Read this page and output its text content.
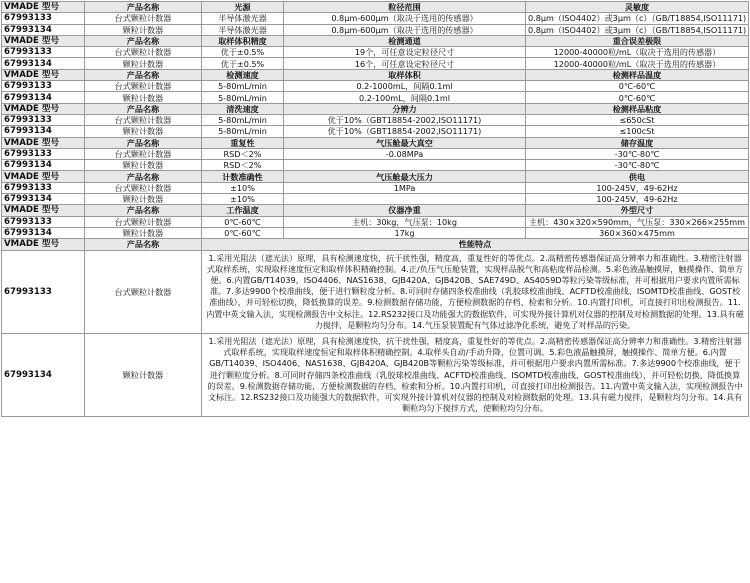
VMADE 型号	产品名称	光源	粒径范围	灵敏度
67993133	台式颗粒计数器	半导体激光器	0.8μm-600μm（取决于选用的传感器）	0.8μm（ISO4402）或3μm（c）（GB/T18854,ISO11171)
67993134	颗粒计数器	半导体激光器	0.8μm-600μm（取决于选用的传感器）	0.8μm（ISO4402）或3μm（c）（GB/T18854,ISO11171)
VMADE 型号	产品名称	取样体积精度	检测通道	重合误差极限
67993133	台式颗粒计数器	优于±0.5%	19个，可任意设定粒径尺寸	12000-40000粒/mL（取决于选用的传感器）
67993134	颗粒计数器	优于±0.5%	16个，可任意设定粒径尺寸	12000-40000粒/mL（取决于选用的传感器）
VMADE 型号	产品名称	检测速度	取样体积	检测样品温度
67993133	台式颗粒计数器	5-80mL/min	0.2-1000mL，间隔0.1ml	0℃-60℃
67993134	颗粒计数器	5-80mL/min	0.2-100mL，间隔0.1ml	0℃-60℃
VMADE 型号	产品名称	清洗速度	分辨力	检测样品粘度
67993133	台式颗粒计数器	5-80mL/min	优于10%（GBT18854-2002,ISO11171)	≤650cSt
67993134	颗粒计数器	5-80mL/min	优于10%（GBT18854-2002,ISO11171)	≤100cSt
VMADE 型号	产品名称	重复性	气压舱最大真空	储存温度
67993133	台式颗粒计数器	RSD＜2%	-0.08MPa	-30℃-80℃
67993134	颗粒计数器	RSD＜2%		-30℃-80℃
VMADE 型号	产品名称	计数准确性	气压舱最大压力	供电
67993133	台式颗粒计数器	±10%	1MPa	100-245V，49-62Hz
67993134	颗粒计数器	±10%		100-245V，49-62Hz
VMADE 型号	产品名称	工作温度	仪器净重	外型尺寸
67993133	台式颗粒计数器	0℃-60℃	主机：30kg，气压泵：10kg	主机：430×320×590mm，气压泵：330×266×255mm
67993134	颗粒计数器	0℃-60℃	17kg	360×360×475mm
VMADE 型号	产品名称	性能特点		
67993133	台式颗粒计数器	1.采用光阻法（遮光法）原理，具有检测速度快，抗干扰性强，精度高，重复性好的等优点。2.高精密传感器保证高分辨率力和准确性。3.精密注射器式取样系统，实现取样速度恒定和取样体积精确控制。4.正/负压气压舱装置，实现样品脱气和高粘度样品检测。5.彩色液晶触摸屏，触摸操作、简单方便。6.内置GB/T14039、ISO4406、NAS1638、GJB420A、GJB420B、SAE749D、AS4059D等粒污染等级标准，并可根据用户要求内置所需标准。7.多达9900个校准曲线，便于进行颗粒度分析。8.可同时存储四条校准曲线（乳胶球校准曲线、ACFTD校准曲线、ISOMTD校准曲线、GOST校准曲线），并可轻松切换，降低换算的误差。9.检测数据存储功能，方便检测数据的存档、检索和分析。10.内置打印机，可直接打印出检测报告。11.内置中英文输入法，实现检测报告中文标注。12.RS232接口及功能强大的数据软件，可实现外接计算机对仪器的控制及对检测数据的处理。13.具有磁力搅拌，是颗粒均匀分布。14.气压泵装置配有气体过滤净化系统，避免了对样品的污染。		
67993134	颗粒计数器	1.采用光阻法（遮光法）原理，具有检测速度快，抗干扰性强，精度高，重复性好的等优点。2.高精密传感器保证高分辨率力和准确性。3.精密注射器式取样系统，实现取样速度恒定和取样体积精确控制。4.取样头自动/手动升降，位置可调。5.彩色液晶触摸屏，触摸操作、简单方便。6.内置GB/T14039、ISO4406、NAS1638、GJB420A、GJB420B等颗粒污染等级标准，并可根据用户要求内置所需标准。7.多达9900个校准曲线，便于进行颗粒度分析。8.可同时存储四条校准曲线（乳胶球校准曲线、ACFTD校准曲线、ISOMTD校准曲线、GOST校准曲线），并可轻松切换，降低换算的误差。9.检测数据存储功能，方便检测数据的存档、检索和分析。10.内置打印机，可直接打印出检测报告。11.内置中英文输入法，实现检测报告中文标注。12.RS232接口及功能强大的数据软件，可实现外接计算机对仪器的控制及对检测数据的处理。13.具有磁力搅拌，是颗粒均匀分布。14.具有颗粒均匀下搅拌方式，使颗粒均匀分布。		
